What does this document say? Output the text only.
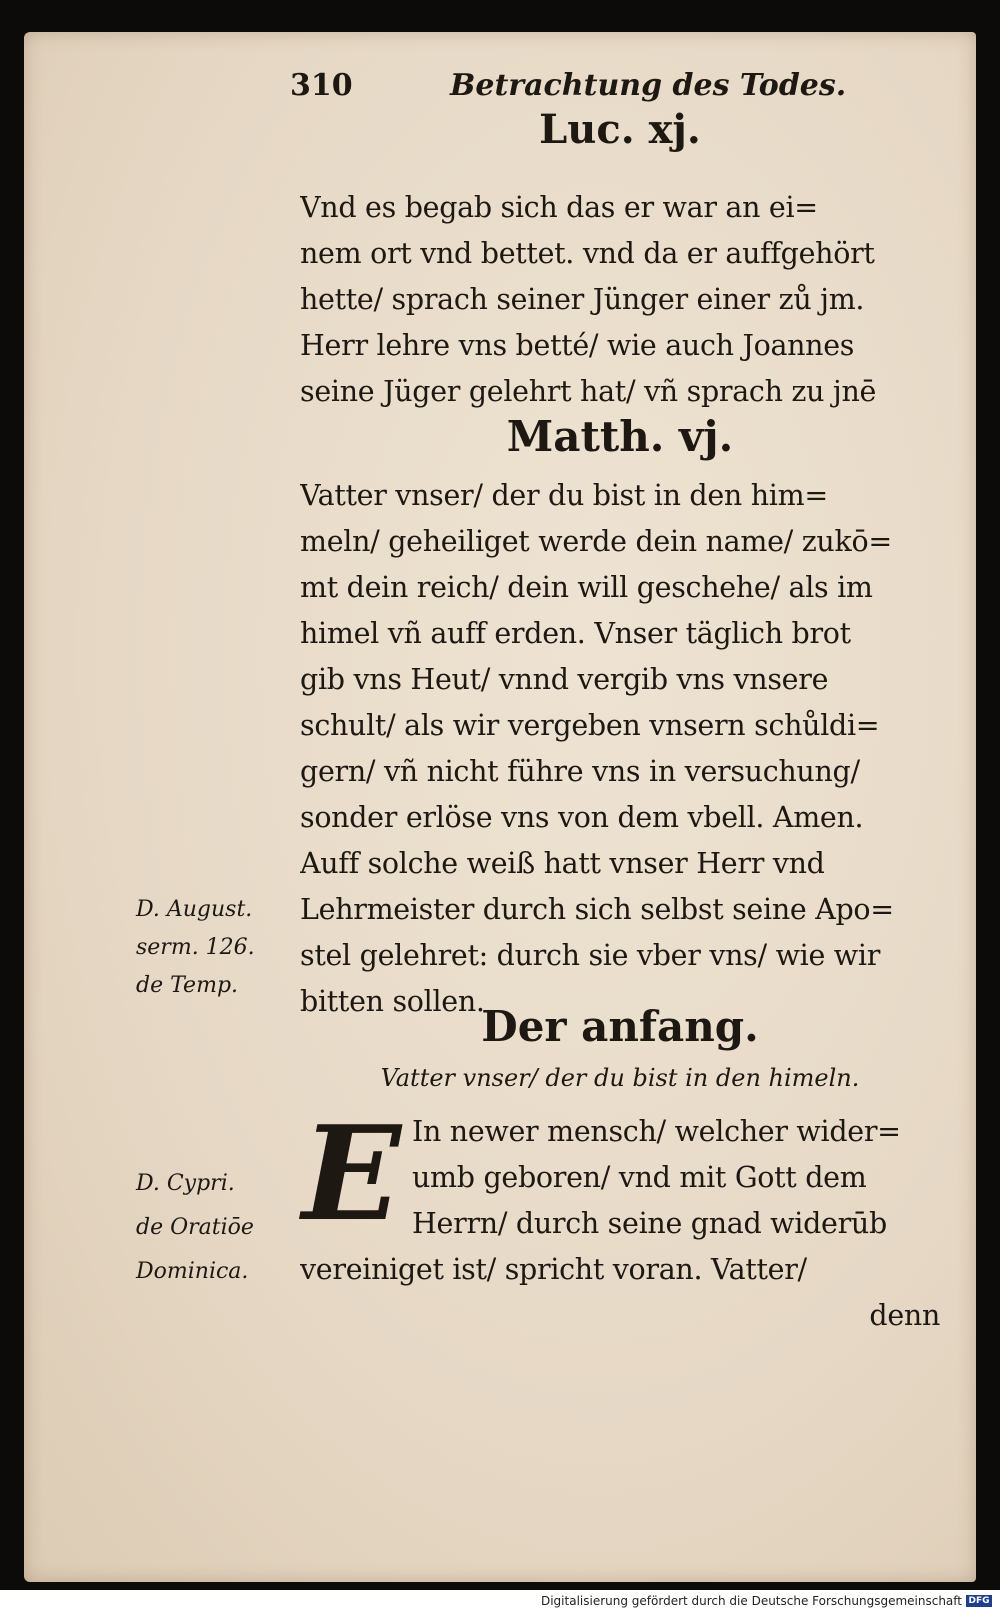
310	Betrachtung des Todes.
Luc. xj.
Vnd es begab sich das er war an ei=
nem ort vnd bettet. vnd da er auffgehört
hette/ sprach seiner Jünger einer zů jm.
Herr lehre vns betté/ wie auch Joannes
seine Jüger gelehrt hat/ vñ sprach zu jnē
Matth. vj.
Vatter vnser/ der du bist in den him=
meln/ geheiliget werde dein name/ zukō=
mt dein reich/ dein will geschehe/ als im
himel vñ auff erden. Vnser täglich brot
gib vns Heut/ vnnd vergib vns vnsere
schult/ als wir vergeben vnsern schůldi=
gern/ vñ nicht führe vns in versuchung/
sonder erlöse vns von dem vbell. Amen.
Auff solche weiß hatt vnser Herr vnd
Lehrmeister durch sich selbst seine Apo=
stel gelehret: durch sie vber vns/ wie wir
bitten sollen.
D. August.
serm. 126.
de Temp.
Der anfang.
Vatter vnser/ der du bist in den himeln.
E In newer mensch/ welcher wider=
umb geboren/ vnd mit Gott dem
Herrn/ durch seine gnad widerūb
vereiniget ist/ spricht voran. Vatter/
denn
D. Cypri.
de Oratiōe
Dominica.
Digitalisierung gefördert durch die Deutsche Forschungsgemeinschaft DFG
